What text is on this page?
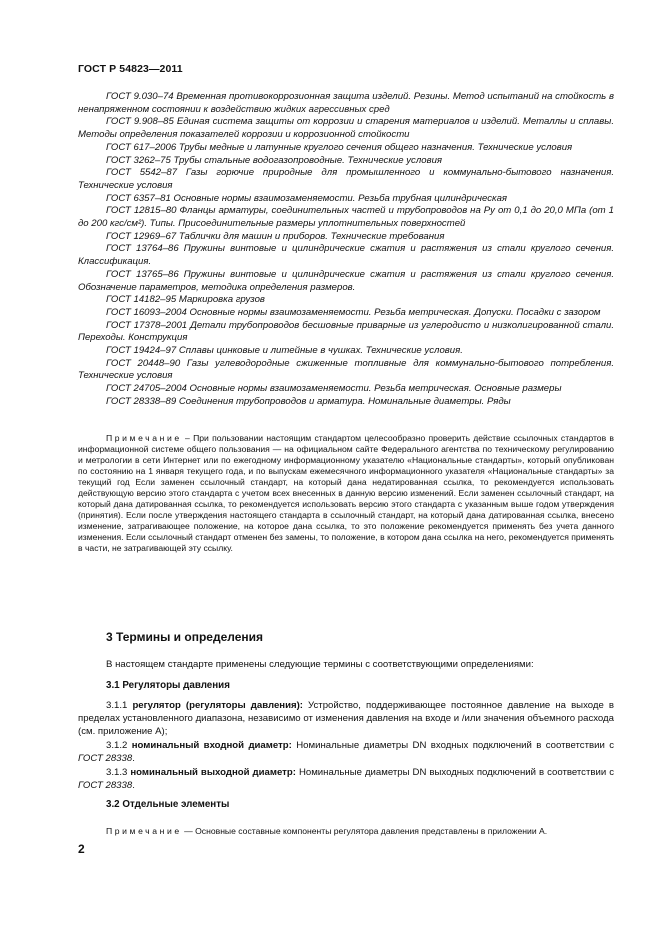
ГОСТ Р 54823—2011

ГОСТ 9.030–74 Временная противокоррозионная защита изделий. Резины. Метод испытаний на стойкость в ненапряженном состоянии к воздействию жидких агрессивных сред

ГОСТ 9.908–85 Единая система защиты от коррозии и старения материалов и изделий. Металлы и сплавы. Методы определения показателей коррозии и коррозионной стойкости

ГОСТ 617–2006 Трубы медные и латунные круглого сечения общего назначения. Технические условия

ГОСТ 3262–75 Трубы стальные водогазопроводные. Технические условия

ГОСТ 5542–87 Газы горючие природные для промышленного и коммунально-бытового назначения. Технические условия

ГОСТ 6357–81 Основные нормы взаимозаменяемости. Резьба трубная цилиндрическая

ГОСТ 12815–80 Фланцы арматуры, соединительных частей и трубопроводов на Pу от 0,1 до 20,0 МПа (от 1 до 200 кгс/см²). Типы. Присоединительные размеры уплотнительных поверхностей

ГОСТ 12969–67 Таблички для машин и приборов. Технические требования

ГОСТ 13764–86 Пружины винтовые и цилиндрические сжатия и растяжения из стали круглого сечения. Классификация.

ГОСТ 13765–86 Пружины винтовые и цилиндрические сжатия и растяжения из стали круглого сечения. Обозначение параметров, методика определения размеров.

ГОСТ 14182–95 Маркировка грузов

ГОСТ 16093–2004 Основные нормы взаимозаменяемости. Резьба метрическая. Допуски. Посадки с зазором

ГОСТ 17378–2001 Детали трубопроводов бесшовные приварные из углеродисто и низколигированной стали. Переходы. Конструкция

ГОСТ 19424–97 Сплавы цинковые и литейные в чушках. Технические условия.

ГОСТ 20448–90 Газы углеводородные сжиженные топливные для коммунально-бытового потребления. Технические условия

ГОСТ 24705–2004 Основные нормы взаимозаменяемости. Резьба метрическая. Основные размеры

ГОСТ 28338–89 Соединения трубопроводов и арматура. Номинальные диаметры. Ряды

Примечание – При пользовании настоящим стандартом целесообразно проверить действие ссылочных стандартов в информационной системе общего пользования — на официальном сайте Федерального агентства по техническому регулированию и метрологии в сети Интернет или по ежегодному информационному указателю «Национальные стандарты», который опубликован по состоянию на 1 января текущего года, и по выпускам ежемесячного информационного указателя «Национальные стандарты» за текущий год Если заменен ссылочный стандарт, на который дана недатированная ссылка, то рекомендуется использовать действующую версию этого стандарта с учетом всех внесенных в данную версию изменений. Если заменен ссылочный стандарт, на который дана датированная ссылка, то рекомендуется использовать версию этого стандарта с указанным выше годом утверждения (принятия). Если после утверждения настоящего стандарта в ссылочный стандарт, на который дана датированная ссылка, внесено изменение, затрагивающее положение, на которое дана ссылка, то это положение рекомендуется применять без учета данного изменения. Если ссылочный стандарт отменен без замены, то положение, в котором дана ссылка на него, рекомендуется применять в части, не затрагивающей эту ссылку.

3 Термины и определения

В настоящем стандарте применены следующие термины с соответствующими определениями:

3.1 Регуляторы давления

3.1.1 регулятор (регуляторы давления): Устройство, поддерживающее постоянное давление на выходе в пределах установленного диапазона, независимо от изменения давления на входе и /или значения объемного расхода (см. приложение А);

3.1.2 номинальный входной диаметр: Номинальные диаметры DN входных подключений в соответствии с ГОСТ 28338.

3.1.3 номинальный выходной диаметр: Номинальные диаметры DN выходных подключений в соответствии с ГОСТ 28338.

3.2 Отдельные элементы

Примечание — Основные составные компоненты регулятора давления представлены в приложении А.

2
